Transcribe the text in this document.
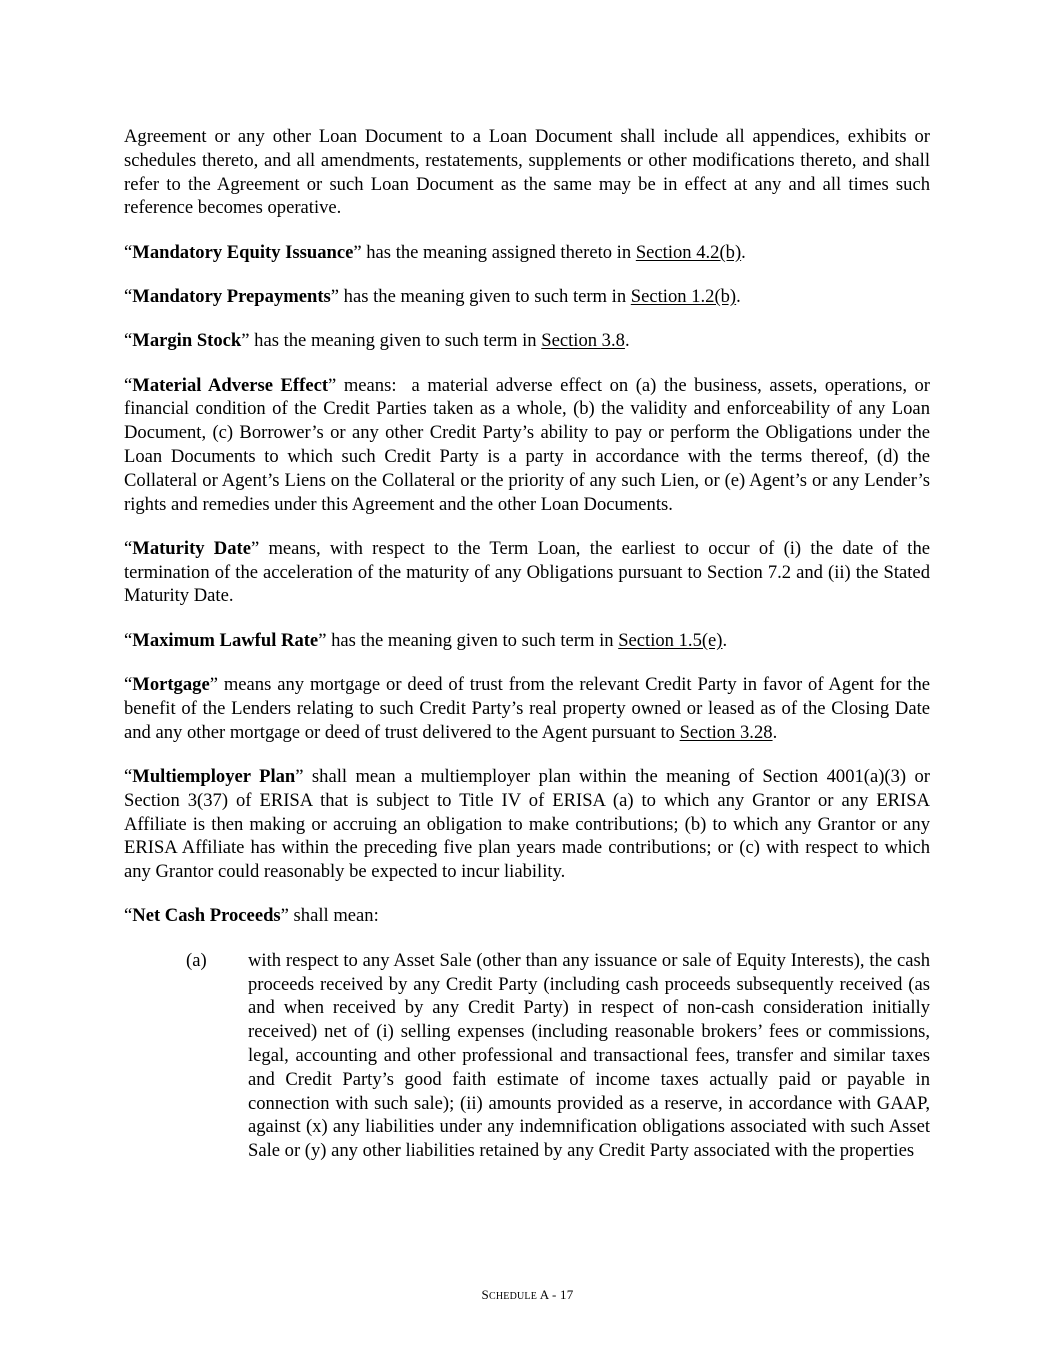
Agreement or any other Loan Document to a Loan Document shall include all appendices, exhibits or schedules thereto, and all amendments, restatements, supplements or other modifications thereto, and shall refer to the Agreement or such Loan Document as the same may be in effect at any and all times such reference becomes operative.

“Mandatory Equity Issuance” has the meaning assigned thereto in Section 4.2(b).

“Mandatory Prepayments” has the meaning given to such term in Section 1.2(b).

“Margin Stock” has the meaning given to such term in Section 3.8.

“Material Adverse Effect” means:  a material adverse effect on (a) the business, assets, operations, or financial condition of the Credit Parties taken as a whole, (b) the validity and enforceability of any Loan Document, (c) Borrower’s or any other Credit Party’s ability to pay or perform the Obligations under the Loan Documents to which such Credit Party is a party in accordance with the terms thereof, (d) the Collateral or Agent’s Liens on the Collateral or the priority of any such Lien, or (e) Agent’s or any Lender’s rights and remedies under this Agreement and the other Loan Documents.

“Maturity Date” means, with respect to the Term Loan, the earliest to occur of (i) the date of the termination of the acceleration of the maturity of any Obligations pursuant to Section 7.2 and (ii) the Stated Maturity Date.

“Maximum Lawful Rate” has the meaning given to such term in Section 1.5(e).

“Mortgage” means any mortgage or deed of trust from the relevant Credit Party in favor of Agent for the benefit of the Lenders relating to such Credit Party’s real property owned or leased as of the Closing Date and any other mortgage or deed of trust delivered to the Agent pursuant to Section 3.28.

“Multiemployer Plan” shall mean a multiemployer plan within the meaning of Section 4001(a)(3) or Section 3(37) of ERISA that is subject to Title IV of ERISA (a) to which any Grantor or any ERISA Affiliate is then making or accruing an obligation to make contributions; (b) to which any Grantor or any ERISA Affiliate has within the preceding five plan years made contributions; or (c) with respect to which any Grantor could reasonably be expected to incur liability.

“Net Cash Proceeds” shall mean:

(a) with respect to any Asset Sale (other than any issuance or sale of Equity Interests), the cash proceeds received by any Credit Party (including cash proceeds subsequently received (as and when received by any Credit Party) in respect of non-cash consideration initially received) net of (i) selling expenses (including reasonable brokers’ fees or commissions, legal, accounting and other professional and transactional fees, transfer and similar taxes and Credit Party’s good faith estimate of income taxes actually paid or payable in connection with such sale); (ii) amounts provided as a reserve, in accordance with GAAP, against (x) any liabilities under any indemnification obligations associated with such Asset Sale or (y) any other liabilities retained by any Credit Party associated with the properties
SCHEDULE A - 17
